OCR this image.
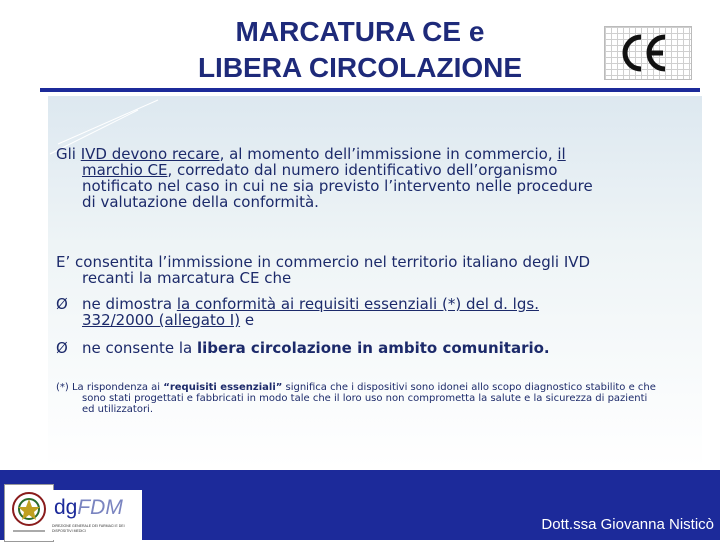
MARCATURA CE e
LIBERA CIRCOLAZIONE
Gli IVD devono recare, al momento dell’immissione in commercio, il
marchio CE, corredato dal numero identificativo dell’organismo
notificato nel caso in cui ne sia previsto l’intervento nelle procedure
di valutazione della conformità.
E’ consentita l’immissione in commercio nel territorio italiano degli IVD
recanti la marcatura CE che
Ø ne dimostra la conformità ai requisiti essenziali (*) del d. lgs.
332/2000 (allegato I) e
Ø ne consente la libera circolazione in ambito comunitario.
(*) La rispondenza ai “requisiti essenziali” significa che i dispositivi sono idonei allo scopo diagnostico stabilito e che
sono stati progettati e fabbricati in modo tale che il loro uso non comprometta la salute e la sicurezza di pazienti
ed utilizzatori.
dgFDM
DIREZIONE GENERALE DEI FARMACI E DEI DISPOSITIVI MEDICI	Dott.ssa Giovanna Nisticò
